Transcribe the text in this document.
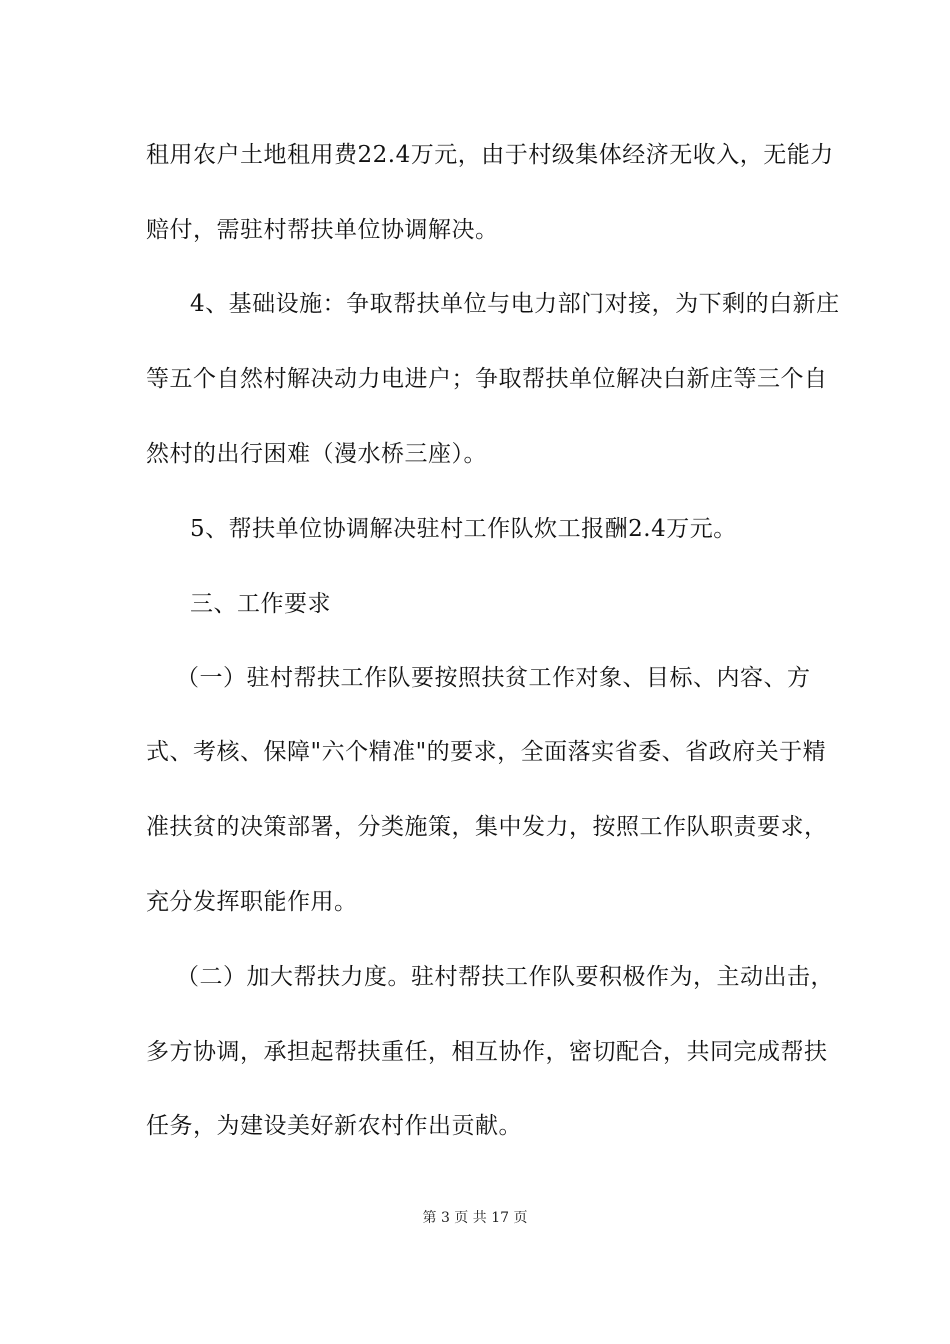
租用农户土地租用费22.4万元，由于村级集体经济无收入，无能力
赔付，需驻村帮扶单位协调解决。
4、基础设施：争取帮扶单位与电力部门对接，为下剩的白新庄
等五个自然村解决动力电进户；争取帮扶单位解决白新庄等三个自
然村的出行困难（漫水桥三座）。
5、帮扶单位协调解决驻村工作队炊工报酬2.4万元。
三、工作要求
（一）驻村帮扶工作队要按照扶贫工作对象、目标、内容、方
式、考核、保障"六个精准"的要求，全面落实省委、省政府关于精
准扶贫的决策部署，分类施策，集中发力，按照工作队职责要求，
充分发挥职能作用。
（二）加大帮扶力度。驻村帮扶工作队要积极作为，主动出击，
多方协调，承担起帮扶重任，相互协作，密切配合，共同完成帮扶
任务，为建设美好新农村作出贡献。
第 3 页 共 17 页
